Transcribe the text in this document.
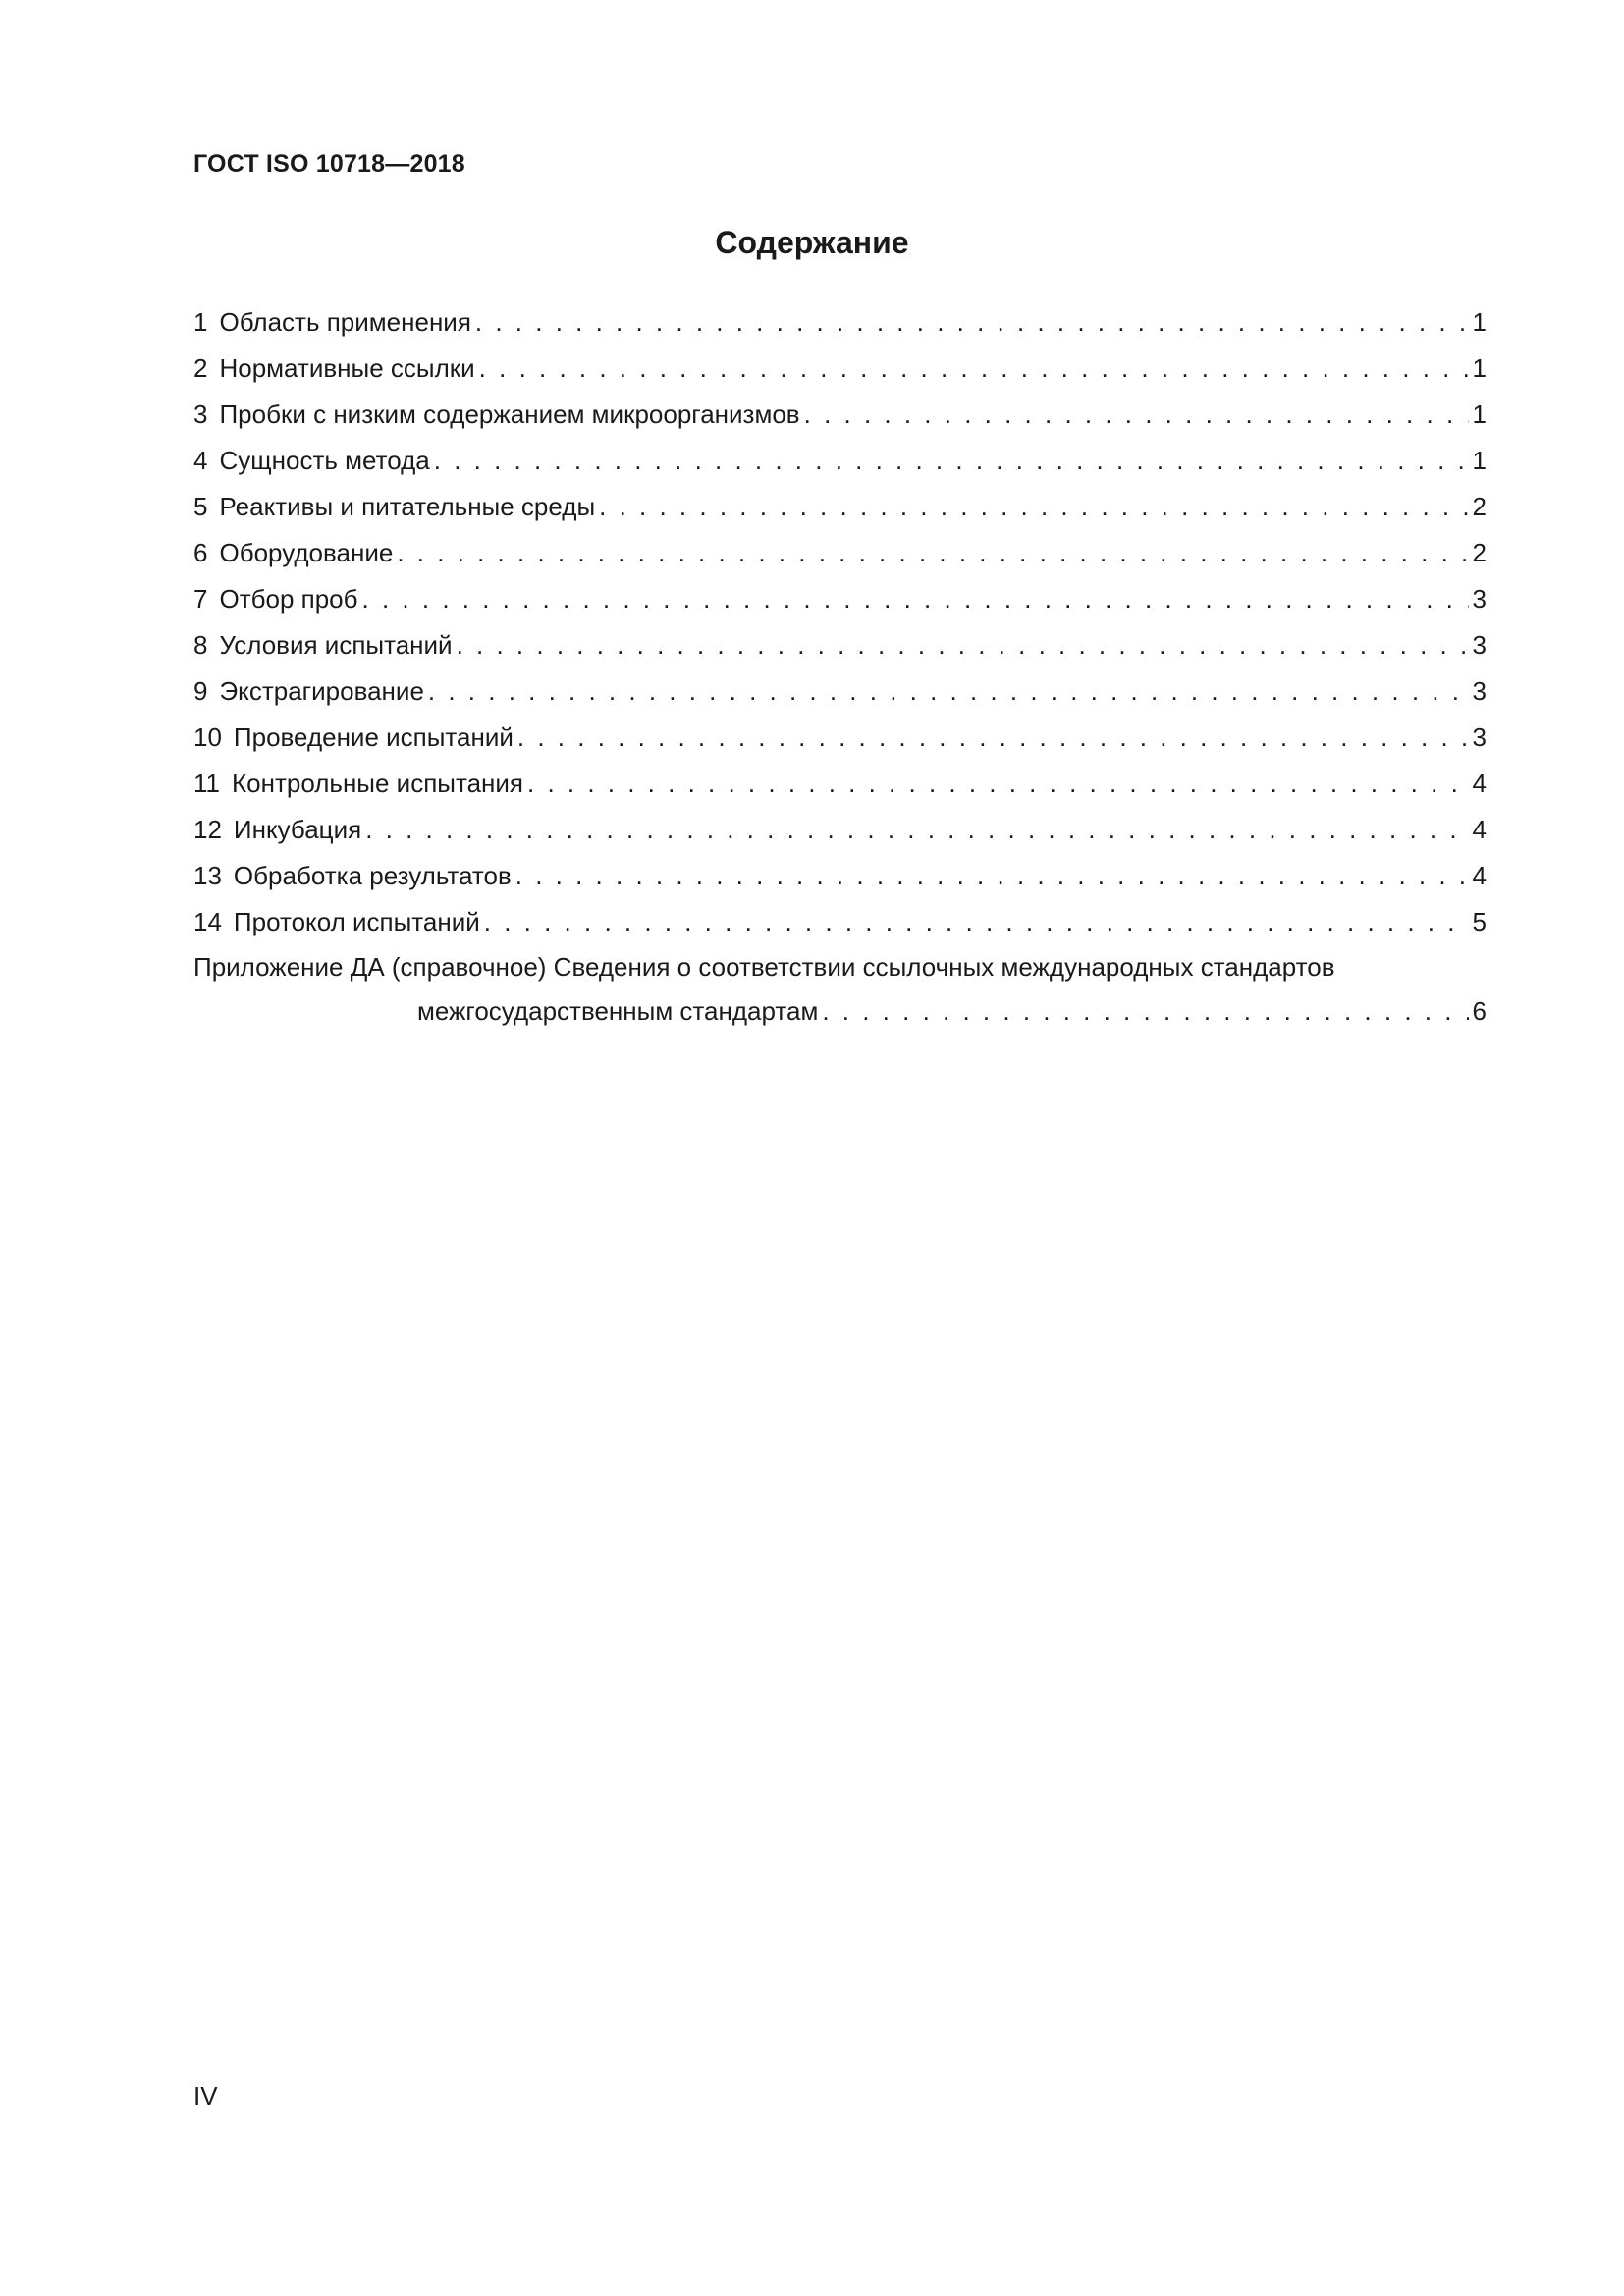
ГОСТ ISO 10718—2018
Содержание
1 Область применения . . .	1
2 Нормативные ссылки . . .	1
3 Пробки с низким содержанием микроорганизмов . . .	1
4 Сущность метода . . .	1
5 Реактивы и питательные среды . . .	2
6 Оборудование . . .	2
7 Отбор проб . . .	3
8 Условия испытаний . . .	3
9 Экстрагирование . . .	3
10 Проведение испытаний . . .	3
11 Контрольные испытания . . .	4
12 Инкубация . . .	4
13 Обработка результатов . . .	4
14 Протокол испытаний . . .	5
Приложение ДА (справочное) Сведения о соответствии ссылочных международных стандартов
межгосударственным стандартам . . .	6
IV
